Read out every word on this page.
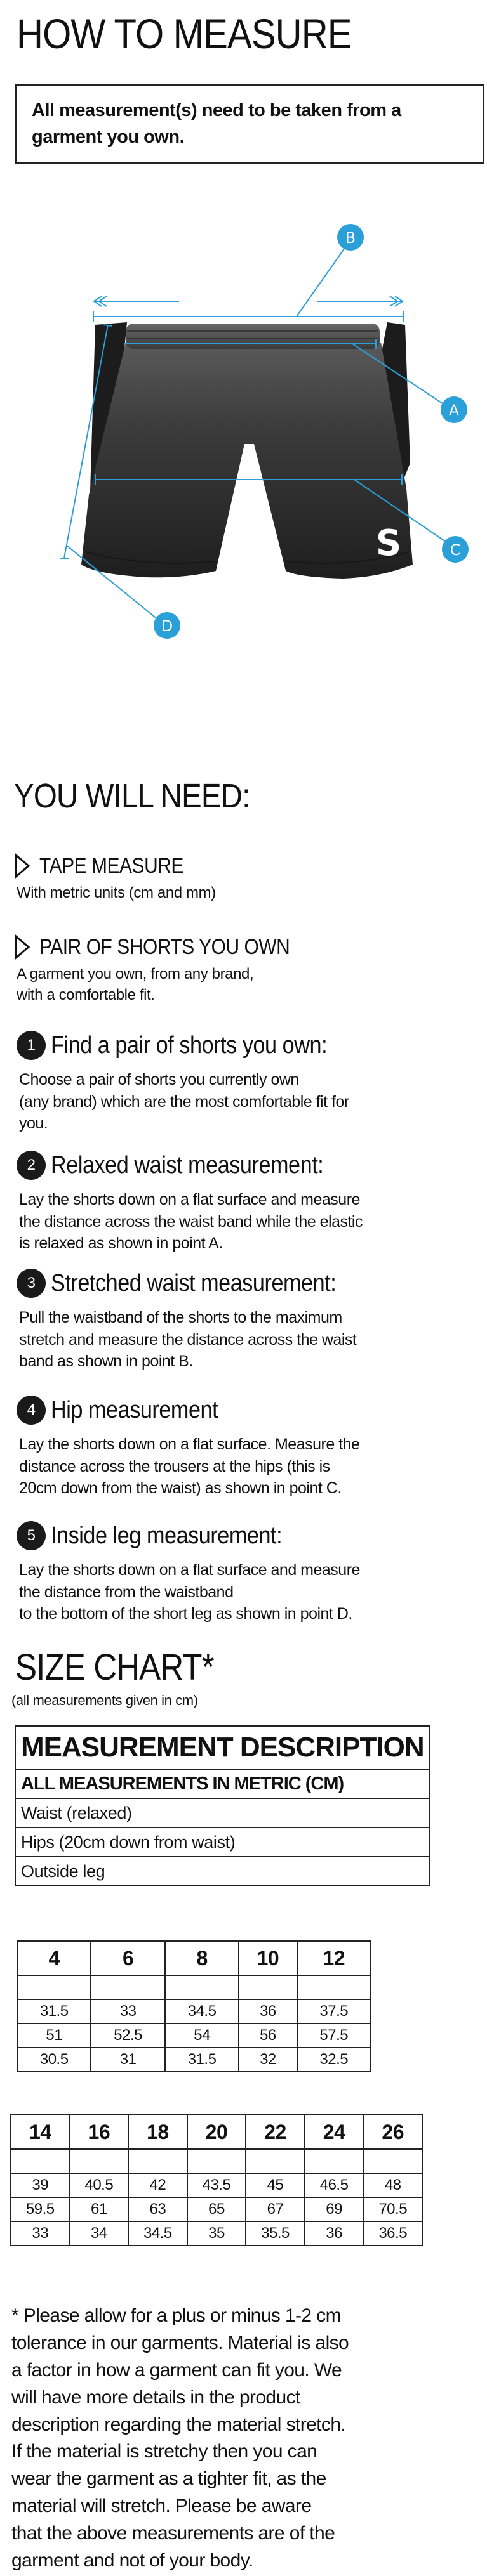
HOW TO MEASURE

All measurement(s) need to be taken from a garment you own.

S
B
A
C
D
YOU WILL NEED:
TAPE MEASURE

With metric units (cm and mm)

PAIR OF SHORTS YOU OWN

A garment you own, from any brand,
with a comfortable fit.

1 Find a pair of shorts you own:

Choose a pair of shorts you currently own
(any brand) which are the most comfortable fit for
you.

2 Relaxed waist measurement:

Lay the shorts down on a flat surface and measure
the distance across the waist band while the elastic
is relaxed as shown in point A.

3 Stretched waist measurement:

Pull the waistband of the shorts to the maximum
stretch and measure the distance across the waist
band as shown in point B.

4 Hip measurement

Lay the shorts down on a flat surface. Measure the
distance across the trousers at the hips (this is
20cm down from the waist) as shown in point C.

5 Inside leg measurement:

Lay the shorts down on a flat surface and measure
the distance from the waistband
to the bottom of the short leg as shown in point D.

SIZE CHART*

(all measurements given in cm)

MEASUREMENT DESCRIPTION
ALL MEASUREMENTS IN METRIC (CM)
Waist (relaxed)
Hips (20cm down from waist)
Outside leg
4	6	8	10	12

31.5	33	34.5	36	37.5
51	52.5	54	56	57.5
30.5	31	31.5	32	32.5
14	16	18	20	22	24	26

39	40.5	42	43.5	45	46.5	48
59.5	61	63	65	67	69	70.5
33	34	34.5	35	35.5	36	36.5

* Please allow for a plus or minus 1-2 cm
tolerance in our garments. Material is also
a factor in how a garment can fit you. We
will have more details in the product
description regarding the material stretch.
If the material is stretchy then you can
wear the garment as a tighter fit, as the
material will stretch. Please be aware
that the above measurements are of the
garment and not of your body.
